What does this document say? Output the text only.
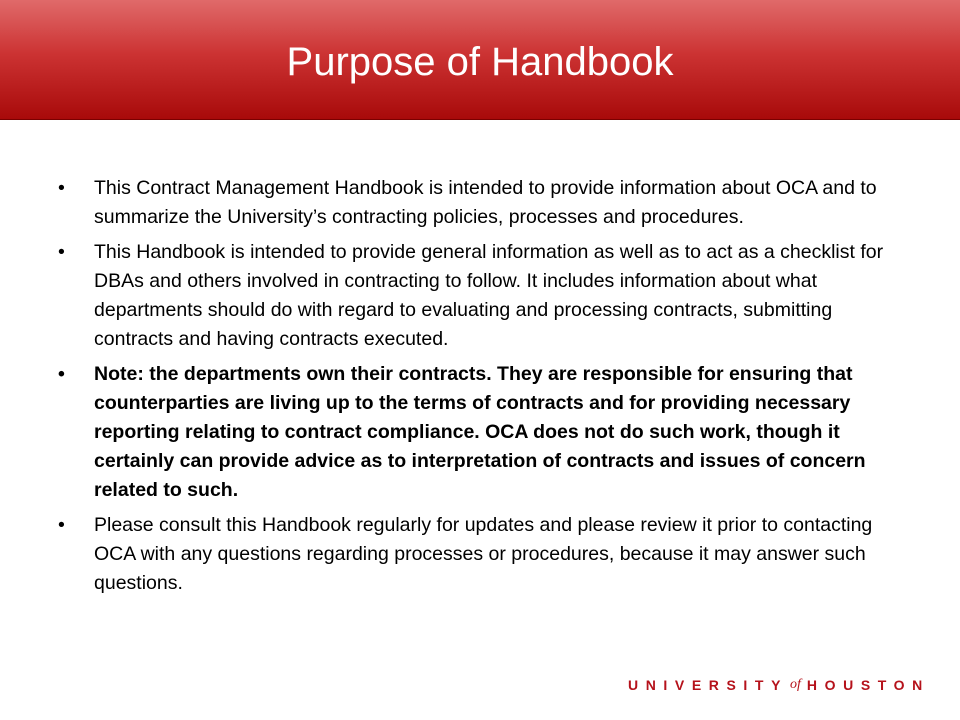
Purpose of Handbook
• This Contract Management Handbook is intended to provide information about OCA and to summarize the University’s contracting policies, processes and procedures.
• This Handbook is intended to provide general information as well as to act as a checklist for DBAs and others involved in contracting to follow. It includes information about what departments should do with regard to evaluating and processing contracts, submitting contracts and having contracts executed.
• Note: the departments own their contracts. They are responsible for ensuring that counterparties are living up to the terms of contracts and for providing necessary reporting relating to contract compliance. OCA does not do such work, though it certainly can provide advice as to interpretation of contracts and issues of concern related to such.
• Please consult this Handbook regularly for updates and please review it prior to contacting OCA with any questions regarding processes or procedures, because it may answer such questions.
UNIVERSITY of HOUSTON
